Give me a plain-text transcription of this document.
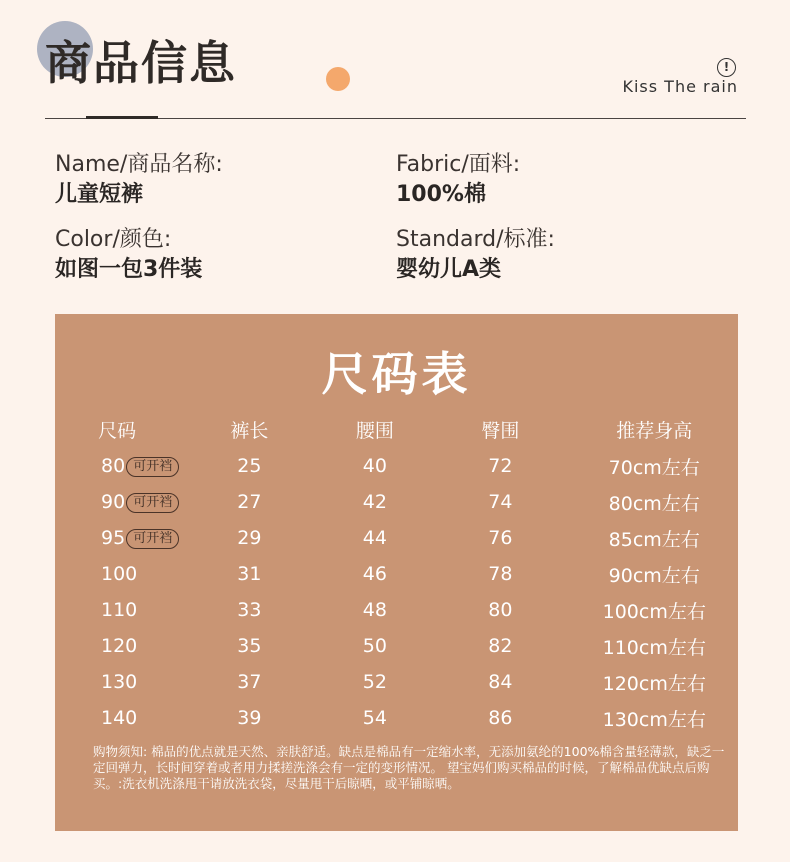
商品信息	!
Kiss The rain
Name/商品名称:
儿童短裤
Fabric/面料:
100%棉
Color/颜色:
如图一包3件装
Standard/标准:
婴幼儿A类
尺码表
尺码	裤长	腰围	臀围	推荐身高
80 可开裆	25	40	72	70cm左右
90 可开裆	27	42	74	80cm左右
95 可开裆	29	44	76	85cm左右
100	31	46	78	90cm左右
110	33	48	80	100cm左右
120	35	50	82	110cm左右
130	37	52	84	120cm左右
140	39	54	86	130cm左右
购物须知: 棉品的优点就是天然、亲肤舒适。缺点是棉品有一定缩水率，无添加氨纶的100%棉含量轻薄款，缺乏一定回弹力，长时间穿着或者用力揉搓洗涤会有一定的变形情况。 望宝妈们购买棉品的时候，了解棉品优缺点后购买。:洗衣机洗涤甩干请放洗衣袋，尽量甩干后晾晒，或平铺晾晒。
